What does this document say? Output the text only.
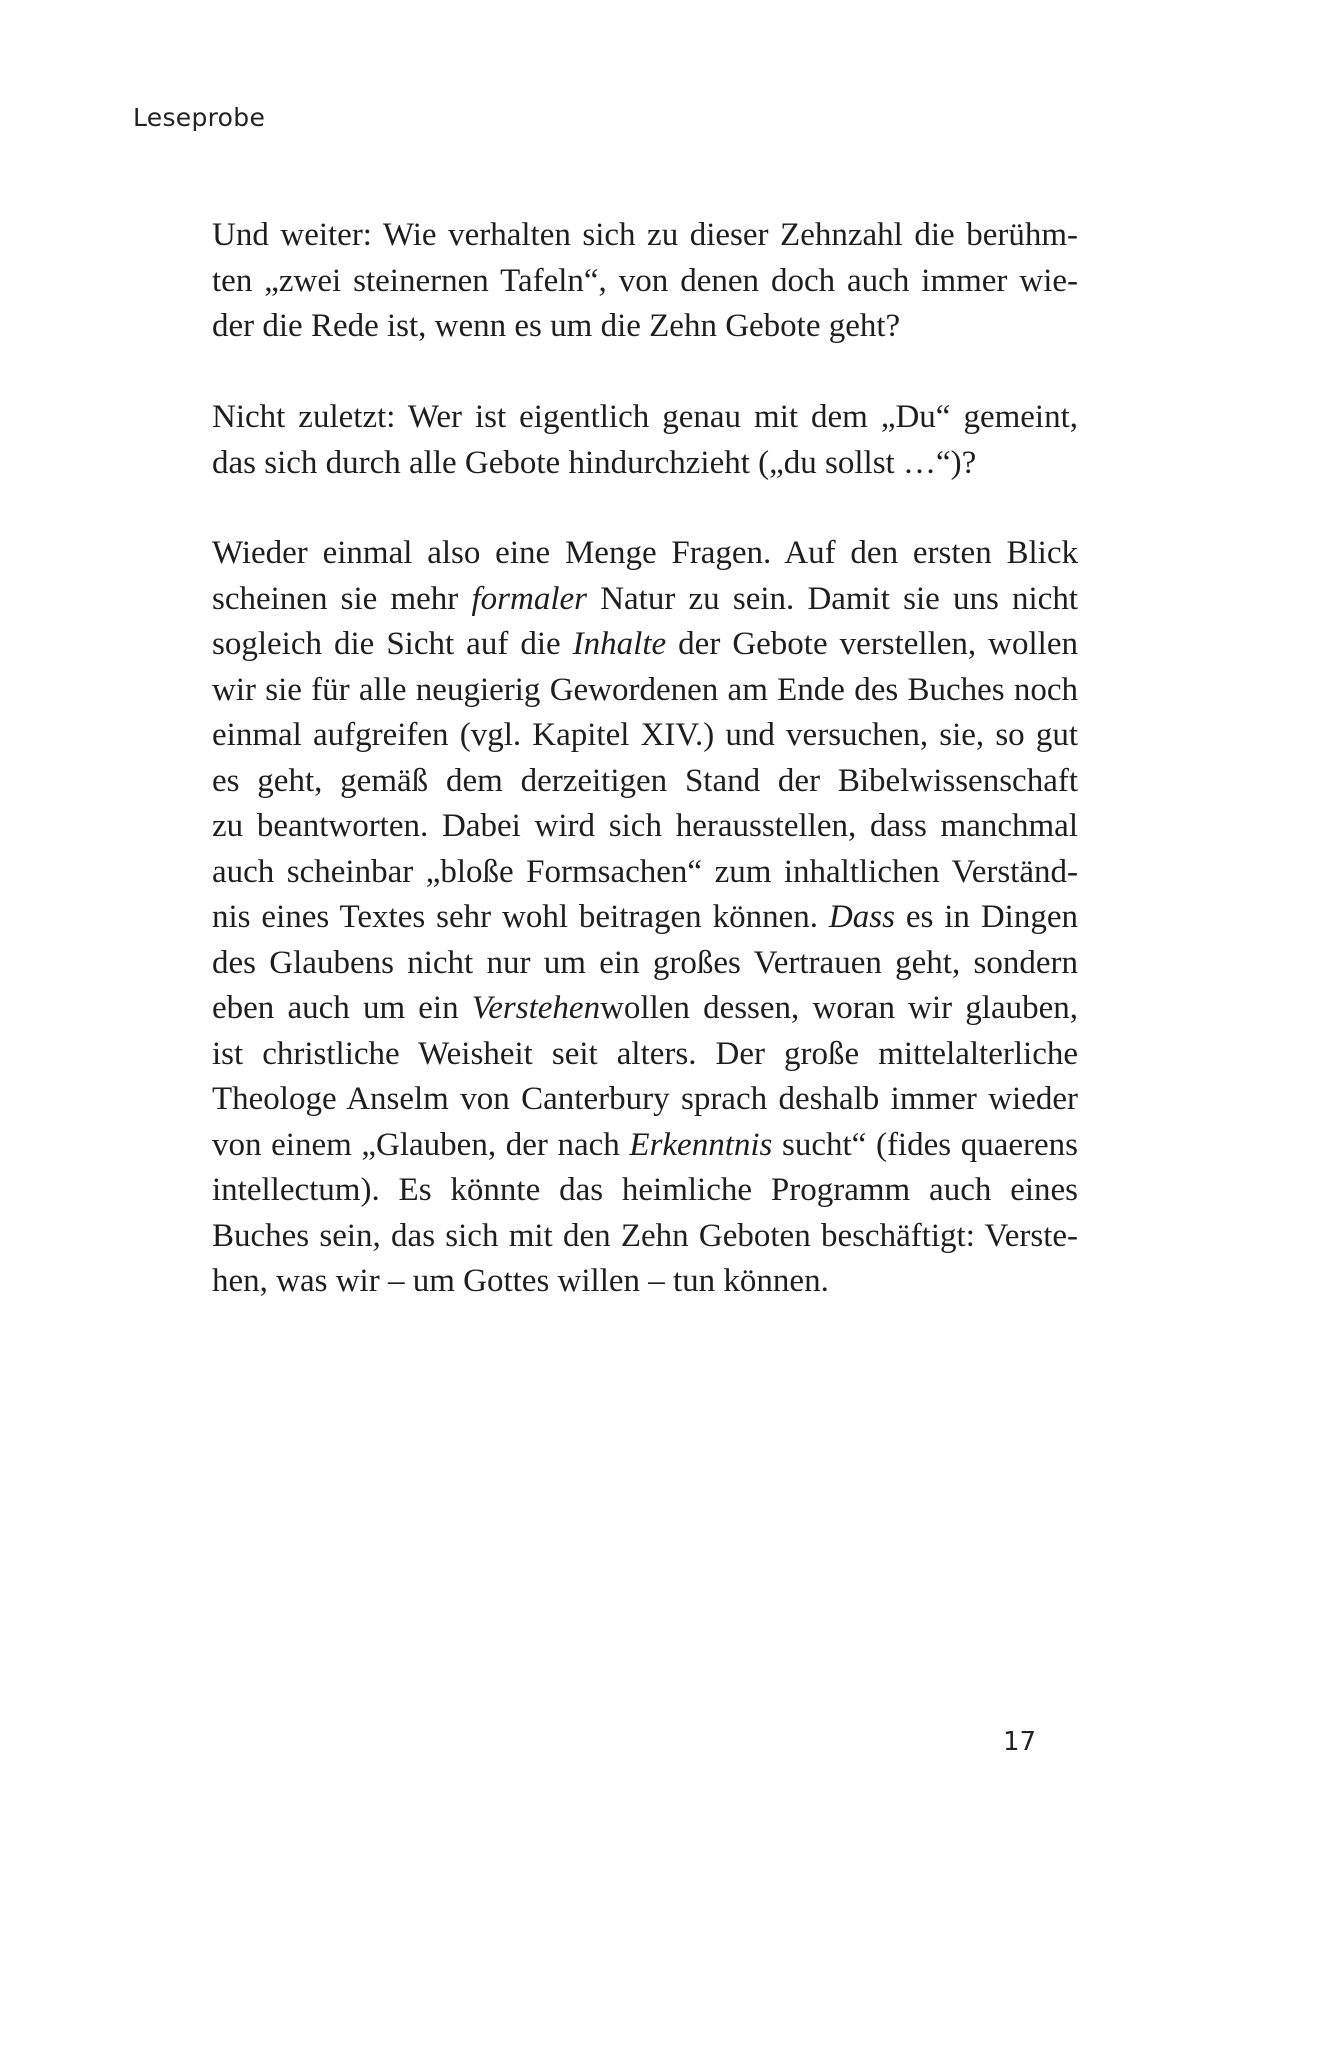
Leseprobe
Und weiter: Wie verhalten sich zu dieser Zehnzahl die berühm-
ten „zwei steinernen Tafeln“, von denen doch auch immer wie-
der die Rede ist, wenn es um die Zehn Gebote geht?
Nicht zuletzt: Wer ist eigentlich genau mit dem „Du“ gemeint,
das sich durch alle Gebote hindurchzieht („du sollst …“)?
Wieder einmal also eine Menge Fragen. Auf den ersten Blick
scheinen sie mehr formaler Natur zu sein. Damit sie uns nicht
sogleich die Sicht auf die Inhalte der Gebote verstellen, wollen
wir sie für alle neugierig Gewordenen am Ende des Buches noch
einmal aufgreifen (vgl. Kapitel XIV.) und versuchen, sie, so gut
es geht, gemäß dem derzeitigen Stand der Bibelwissenschaft
zu beantworten. Dabei wird sich herausstellen, dass manchmal
auch scheinbar „bloße Formsachen“ zum inhaltlichen Verständ-
nis eines Textes sehr wohl beitragen können. Dass es in Dingen
des Glaubens nicht nur um ein großes Vertrauen geht, sondern
eben auch um ein Verstehenwollen dessen, woran wir glauben,
ist christliche Weisheit seit alters. Der große mittelalterliche
Theologe Anselm von Canterbury sprach deshalb immer wieder
von einem „Glauben, der nach Erkenntnis sucht“ (fides quaerens
intellectum). Es könnte das heimliche Programm auch eines
Buches sein, das sich mit den Zehn Geboten beschäftigt: Verste-
hen, was wir – um Gottes willen – tun können.
17
